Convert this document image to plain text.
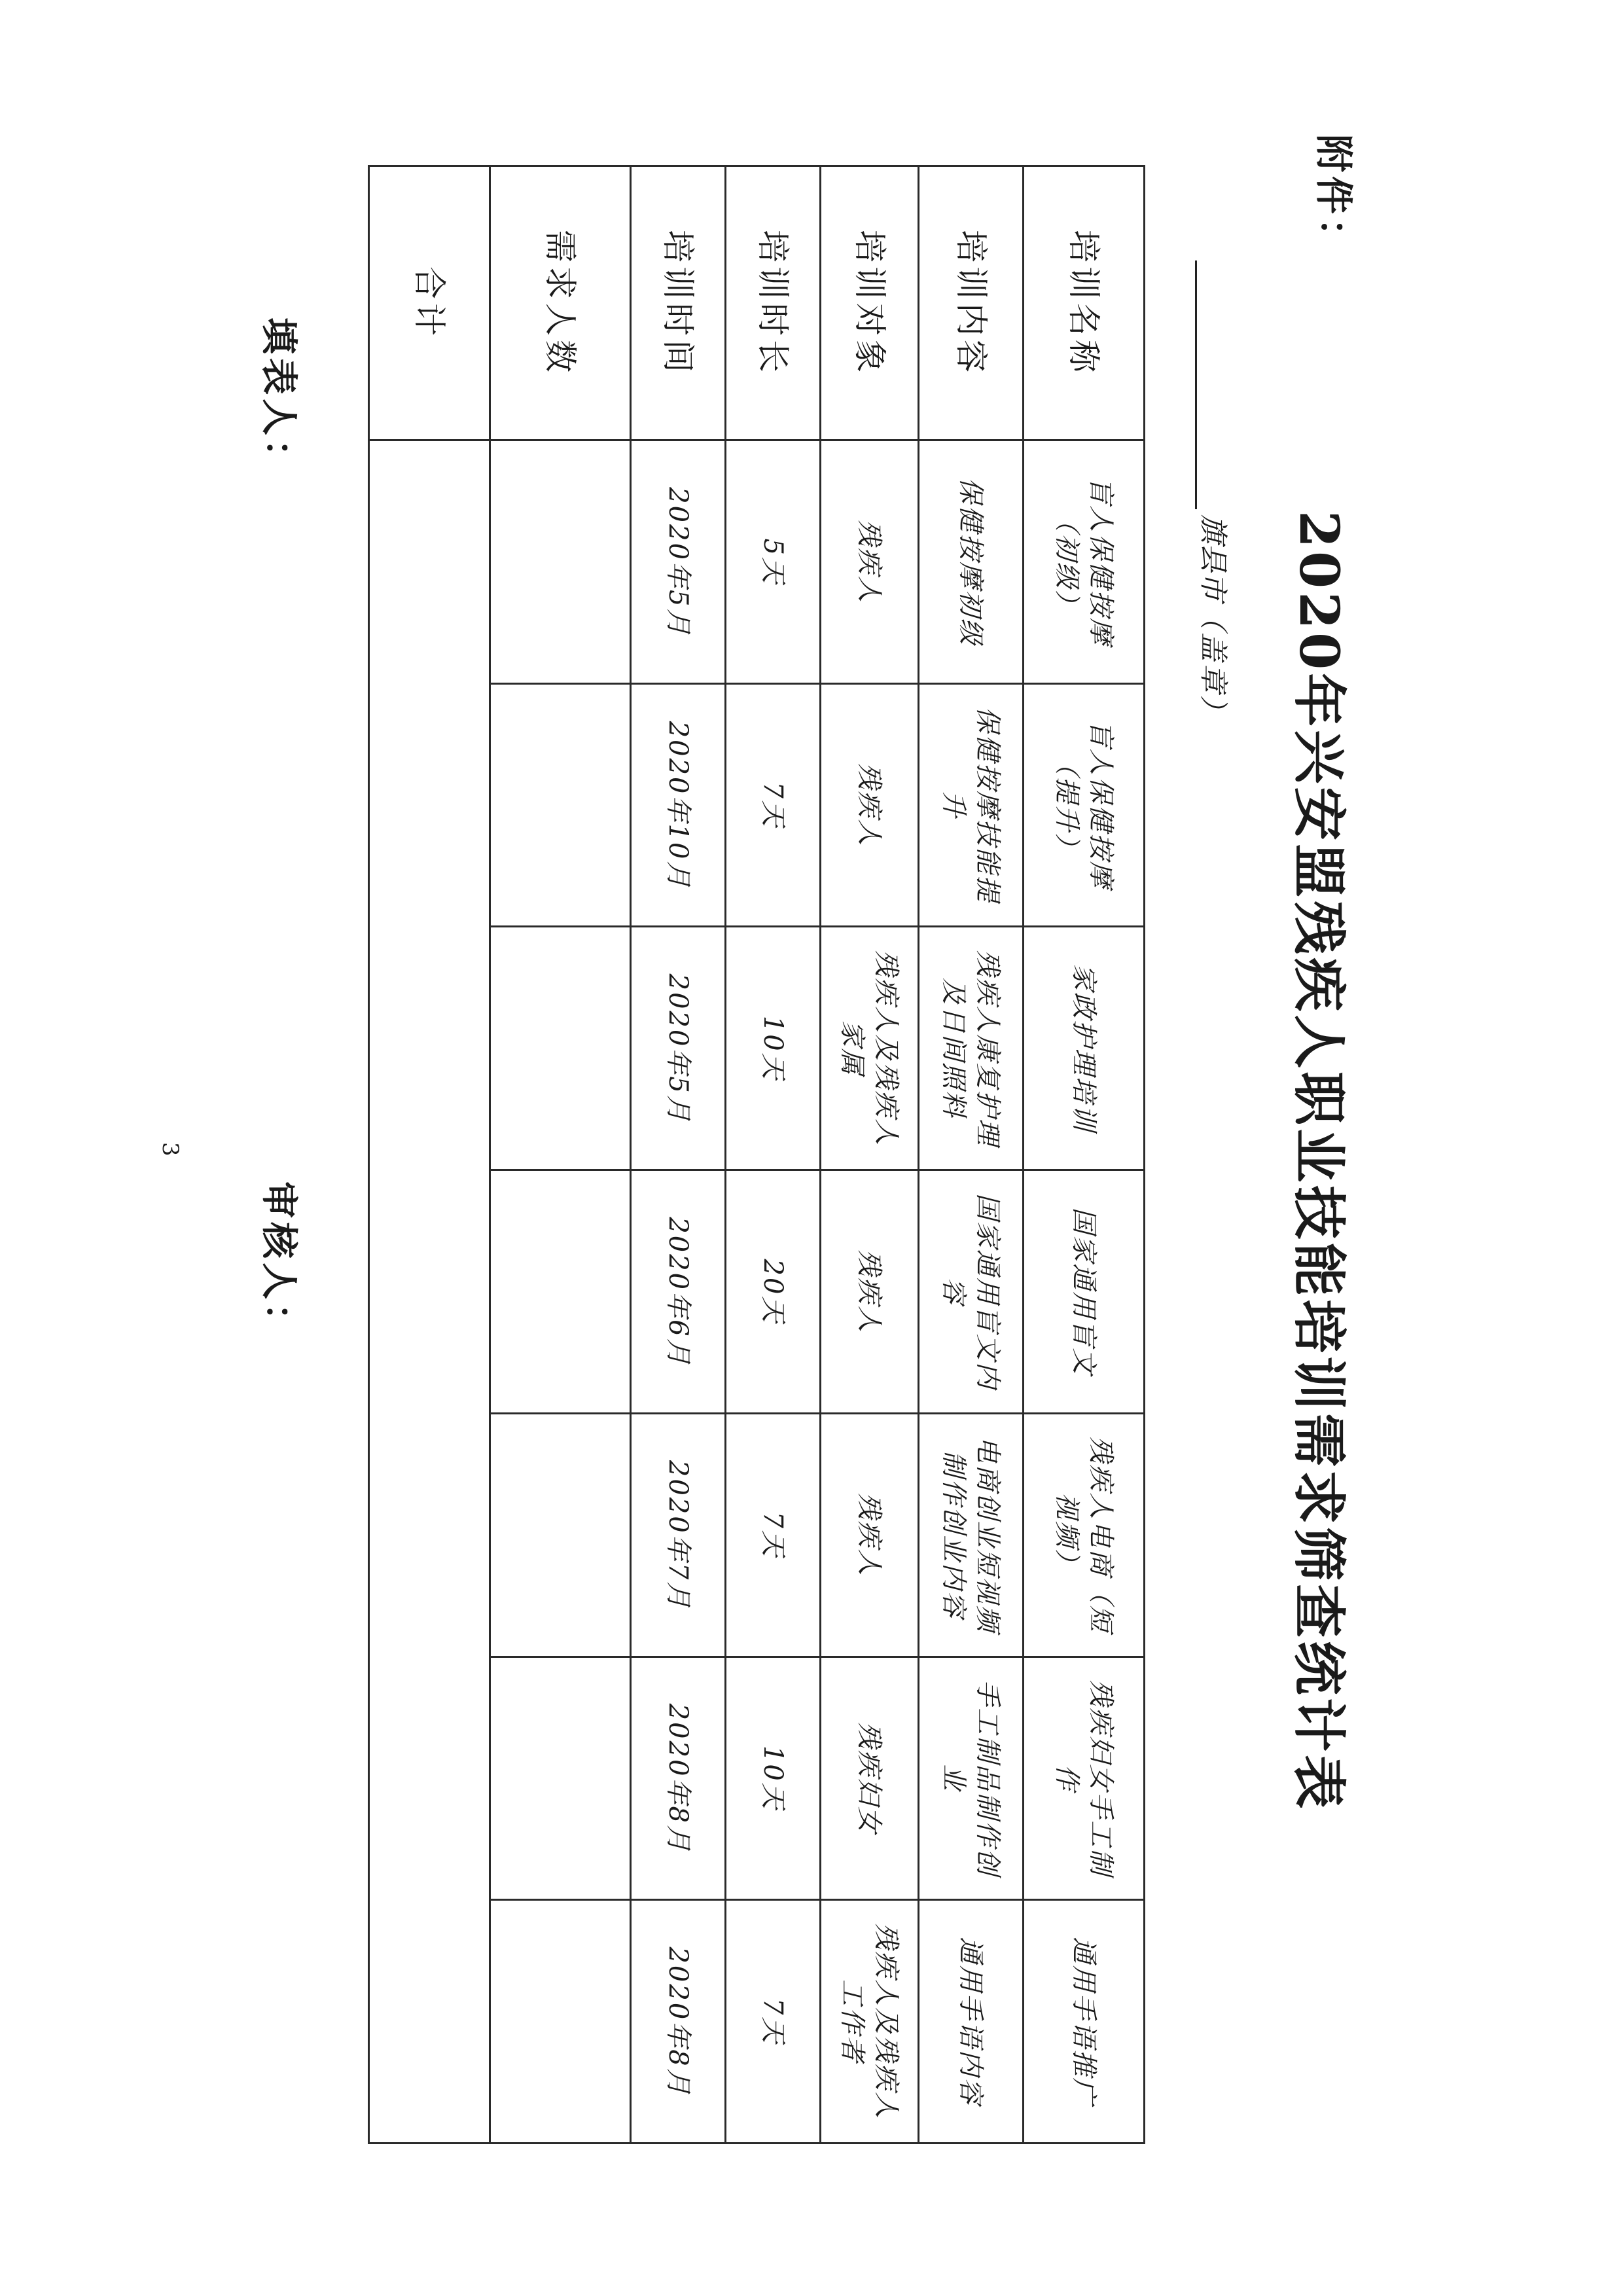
附件：
2020年兴安盟残疾人职业技能培训需求筛查统计表
旗县市（盖章）
培训名称	盲人保健按摩（初级）	盲人保健按摩（提升）	家政护理培训	国家通用盲文	残疾人电商（短视频）	残疾妇女手工制作	通用手语推广
培训内容	保健按摩初级	保健按摩技能提升	残疾人康复护理及日间照料	国家通用盲文内容	电商创业短视频制作创业内容	手工制品制作创业	通用手语内容
培训对象	残疾人	残疾人	残疾人及残疾人家属	残疾人	残疾人	残疾妇女	残疾人及残疾人工作者
培训时长	5天	7天	10天	20天	7天	10天	7天
培训时间	2020年5月	2020年10月	2020年5月	2020年6月	2020年7月	2020年8月	2020年8月
需求人数							
合计							
填表人：
审核人：
3
